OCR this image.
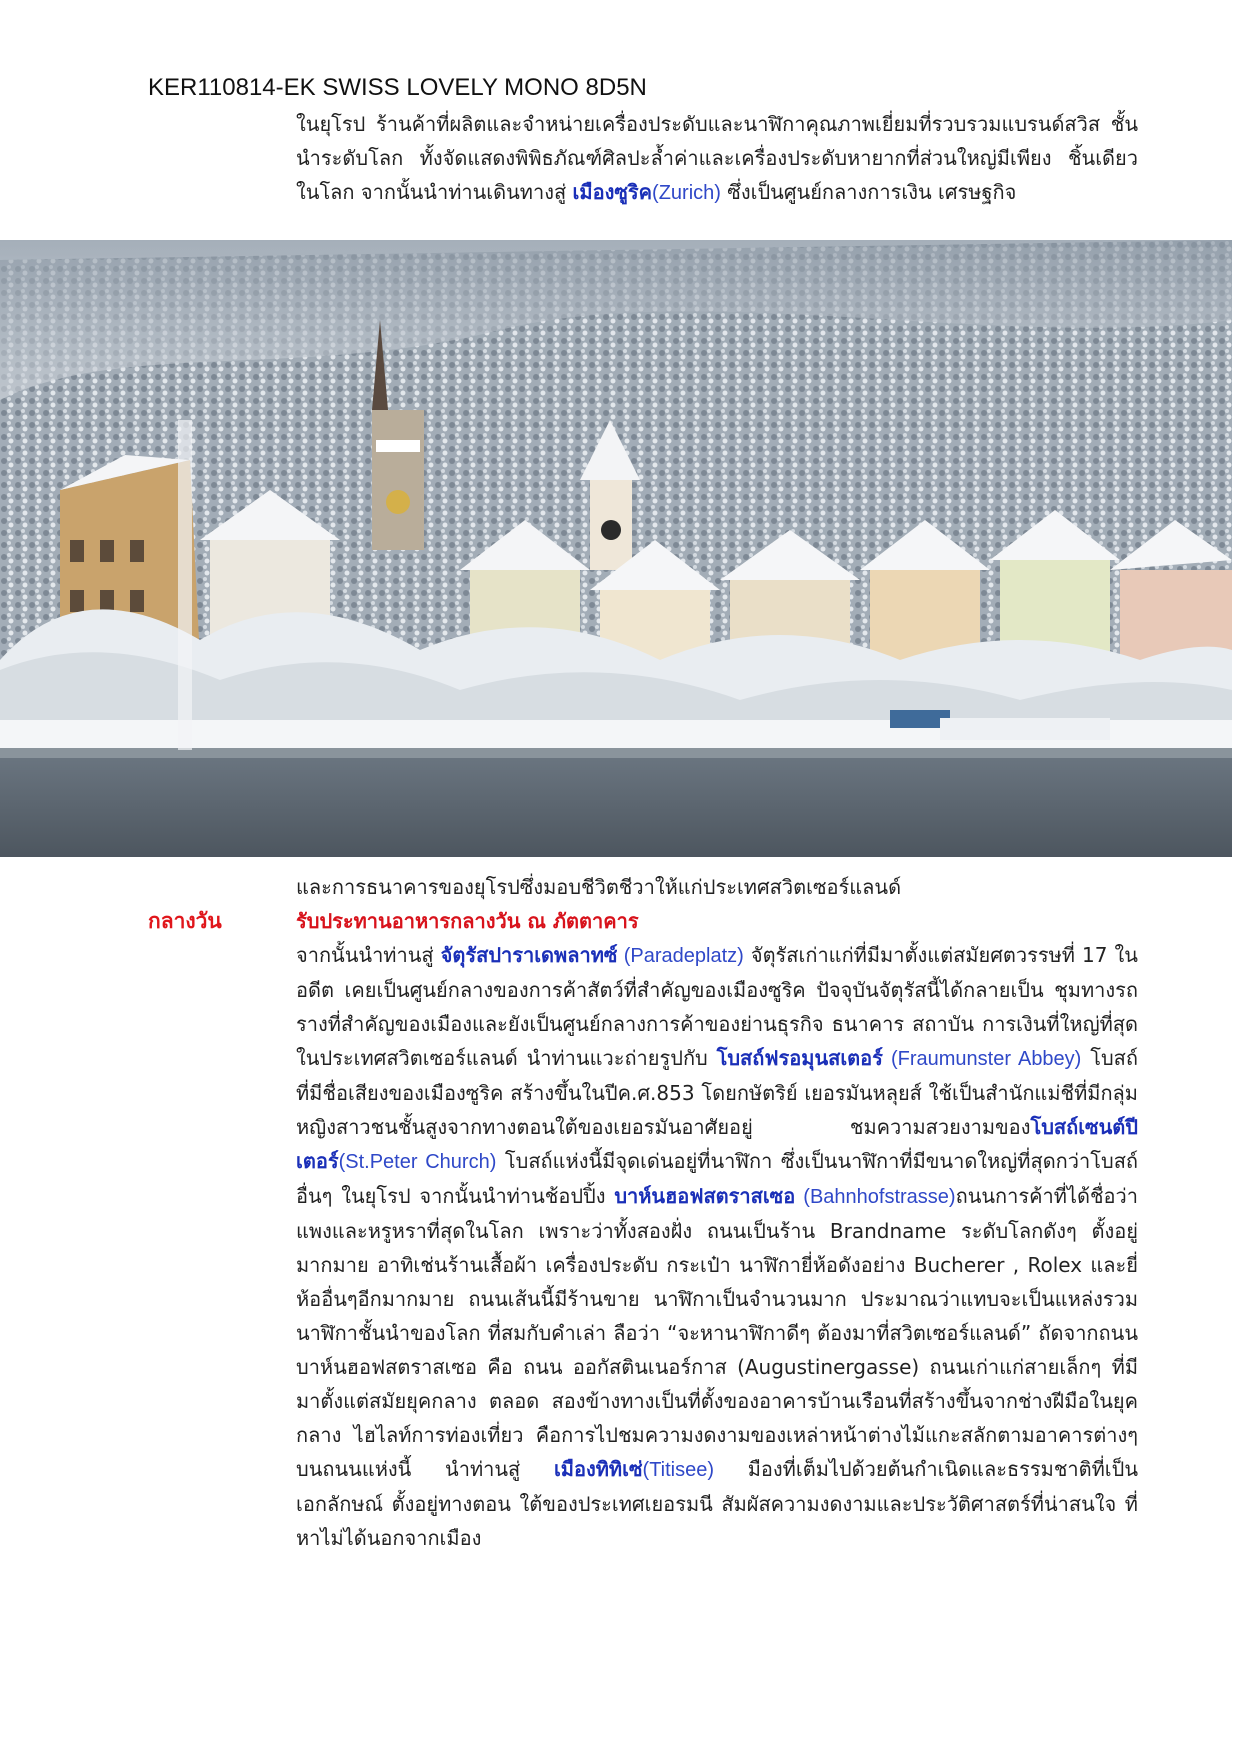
KER110814-EK SWISS LOVELY MONO 8D5N

ในยุโรป ร้านค้าที่ผลิตและจำหน่ายเครื่องประดับและนาฬิกาคุณภาพเยี่ยมที่รวบรวมแบรนด์สวิส ชั้นนำระดับโลก ทั้งจัดแสดงพิพิธภัณฑ์ศิลปะล้ำค่าและเครื่องประดับหายากที่ส่วนใหญ่มีเพียง ชิ้นเดียวในโลก จากนั้นนำท่านเดินทางสู่ เมืองซูริค(Zurich) ซึ่งเป็นศูนย์กลางการเงิน เศรษฐกิจ

และการธนาคารของยุโรปซึ่งมอบชีวิตชีวาให้แก่ประเทศสวิตเซอร์แลนด์

รับประทานอาหารกลางวัน ณ ภัตตาคาร

จากนั้นนำท่านสู่ จัตุรัสปาราเดพลาทซ์ (Paradeplatz) จัตุรัสเก่าแก่ที่มีมาตั้งแต่สมัยศตวรรษที่ 17 ในอดีต เคยเป็นศูนย์กลางของการค้าสัตว์ที่สำคัญของเมืองซูริค ปัจจุบันจัตุรัสนี้ได้กลายเป็น ชุมทางรถรางที่สำคัญของเมืองและยังเป็นศูนย์กลางการค้าของย่านธุรกิจ ธนาคาร สถาบัน การเงินที่ใหญ่ที่สุดในประเทศสวิตเซอร์แลนด์ นำท่านแวะถ่ายรูปกับ โบสถ์ฟรอมุนสเตอร์ (Fraumunster Abbey) โบสถ์ที่มีชื่อเสียงของเมืองซูริค สร้างขึ้นในปีค.ศ.853 โดยกษัตริย์ เยอรมันหลุยส์ ใช้เป็นสำนักแม่ชีที่มีกลุ่มหญิงสาวชนชั้นสูงจากทางตอนใต้ของเยอรมันอาศัยอยู่ ชมความสวยงามของโบสถ์เซนต์ปีเตอร์(St.Peter Church) โบสถ์แห่งนี้มีจุดเด่นอยู่ที่นาฬิกา ซึ่งเป็นนาฬิกาที่มีขนาดใหญ่ที่สุดกว่าโบสถ์อื่นๆ ในยุโรป จากนั้นนำท่านช้อปปิ้ง บาห์นฮอฟสตราสเซอ (Bahnhofstrasse)ถนนการค้าที่ได้ชื่อว่าแพงและหรูหราที่สุดในโลก เพราะว่าทั้งสองฝั่ง ถนนเป็นร้าน Brandname ระดับโลกดังๆ ตั้งอยู่มากมาย อาทิเช่นร้านเสื้อผ้า เครื่องประดับ กระเป๋า นาฬิกายี่ห้อดังอย่าง Bucherer , Rolex และยี่ห้ออื่นๆอีกมากมาย ถนนเส้นนี้มีร้านขาย นาฬิกาเป็นจำนวนมาก ประมาณว่าแทบจะเป็นแหล่งรวมนาฬิกาชั้นนำของโลก ที่สมกับคำเล่า ลือว่า “จะหานาฬิกาดีๆ ต้องมาที่สวิตเซอร์แลนด์” ถัดจากถนนบาห์นฮอฟสตราสเซอ คือ ถนน ออกัสตินเนอร์กาส (Augustinergasse) ถนนเก่าแก่สายเล็กๆ ที่มีมาตั้งแต่สมัยยุคกลาง ตลอด สองข้างทางเป็นที่ตั้งของอาคารบ้านเรือนที่สร้างขึ้นจากช่างฝีมือในยุคกลาง ไฮไลท์การท่องเที่ยว คือการไปชมความงดงามของเหล่าหน้าต่างไม้แกะสลักตามอาคารต่างๆบนถนนแห่งนี้ นำท่านสู่ เมืองทิทิเซ่(Titisee) มืองที่เต็มไปด้วยต้นกำเนิดและธรรมชาติที่เป็นเอกลักษณ์ ตั้งอยู่ทางตอน ใต้ของประเทศเยอรมนี สัมผัสความงดงามและประวัติศาสตร์ที่น่าสนใจ ที่หาไม่ได้นอกจากเมือง

กลางวัน
